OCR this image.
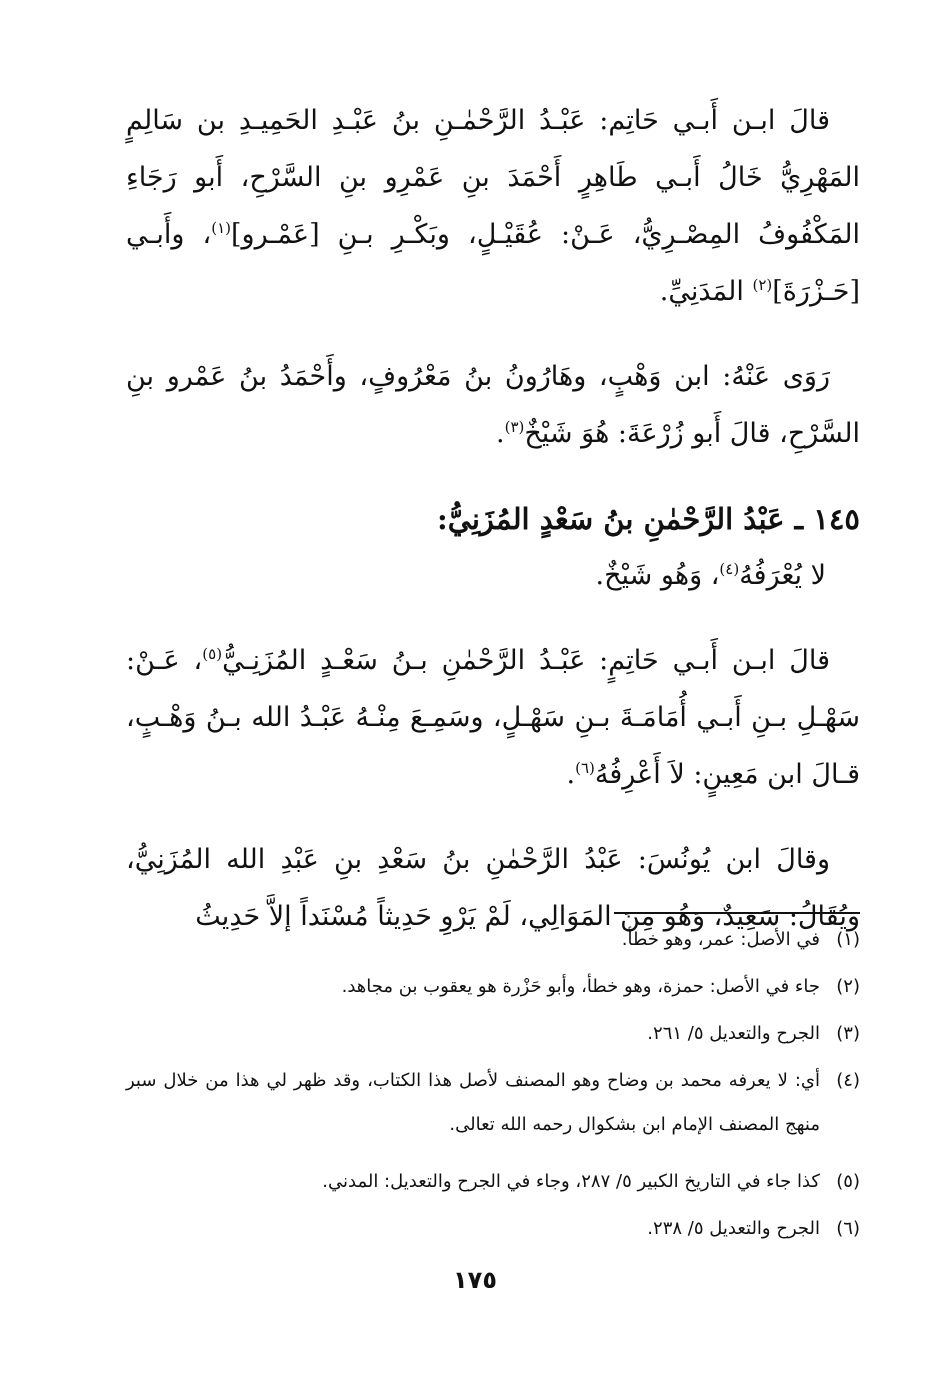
قالَ ابـن أَبـي حَاتِم: عَبْـدُ الرَّحْمٰـنِ بنُ عَبْـدِ الحَمِيـدِ بن سَالِمٍ المَهْرِيُّ خَالُ أَبـي طَاهِرٍ أَحْمَدَ بنِ عَمْرِو بنِ السَّرْحِ، أَبو رَجَاءِ المَكْفُوفُ المِصْـرِيُّ، عَـنْ: عُقَيْـلٍ، وبَكْـرِ بـنِ [عَمْـرو]$^{(١)}$، وأَبـي [حَـزْرَةَ]$^{(٢)}$ المَدَنِيِّ.

رَوَى عَنْهُ: ابن وَهْبٍ، وهَارُونُ بنُ مَعْرُوفٍ، وأَحْمَدُ بنُ عَمْرو بنِ السَّرْحِ، قالَ أَبو زُرْعَةَ: هُوَ شَيْخٌ$^{(٣)}$.

١٤٥ ـ عَبْدُ الرَّحْمٰنِ بنُ سَعْدٍ المُزَنِيُّ:

لا يُعْرَفُهُ$^{(٤)}$، وَهُو شَيْخٌ.

قالَ ابـن أَبـي حَاتِمٍ: عَبْـدُ الرَّحْمٰنِ بـنُ سَعْـدٍ المُزَنِـيُّ$^{(٥)}$، عَـنْ: سَهْـلِ بـنِ أَبـي أُمَامَـةَ بـنِ سَهْـلٍ، وسَمِـعَ مِنْـهُ عَبْـدُ الله بـنُ وَهْـبٍ، قـالَ ابن مَعِينٍ: لاَ أَعْرِفُهُ$^{(٦)}$.

وقالَ ابن يُونُسَ: عَبْدُ الرَّحْمٰنِ بنُ سَعْدِ بنِ عَبْدِ الله المُزَنِيُّ، ويُقَالُ: سَعِيدٌ، وَهُو مِنَ المَوَالِي، لَمْ يَرْوِ حَدِيثاً مُسْنَداً إلاَّ حَدِيثُ

(١)
في الأصل: عمر، وهو خطأ.
(٢)
جاء في الأصل: حمزة، وهو خطأ، وأبو حَزْرة هو يعقوب بن مجاهد.
(٣)
الجرح والتعديل ٥/ ٢٦١.
(٤)
أي: لا يعرفه محمد بن وضاح وهو المصنف لأصل هذا الكتاب، وقد ظهر لي هذا من خلال سبر منهج المصنف الإمام ابن بشكوال رحمه الله تعالى.
(٥)
كذا جاء في التاريخ الكبير ٥/ ٢٨٧، وجاء في الجرح والتعديل: المدني.
(٦)
الجرح والتعديل ٥/ ٢٣٨.
١٧٥
